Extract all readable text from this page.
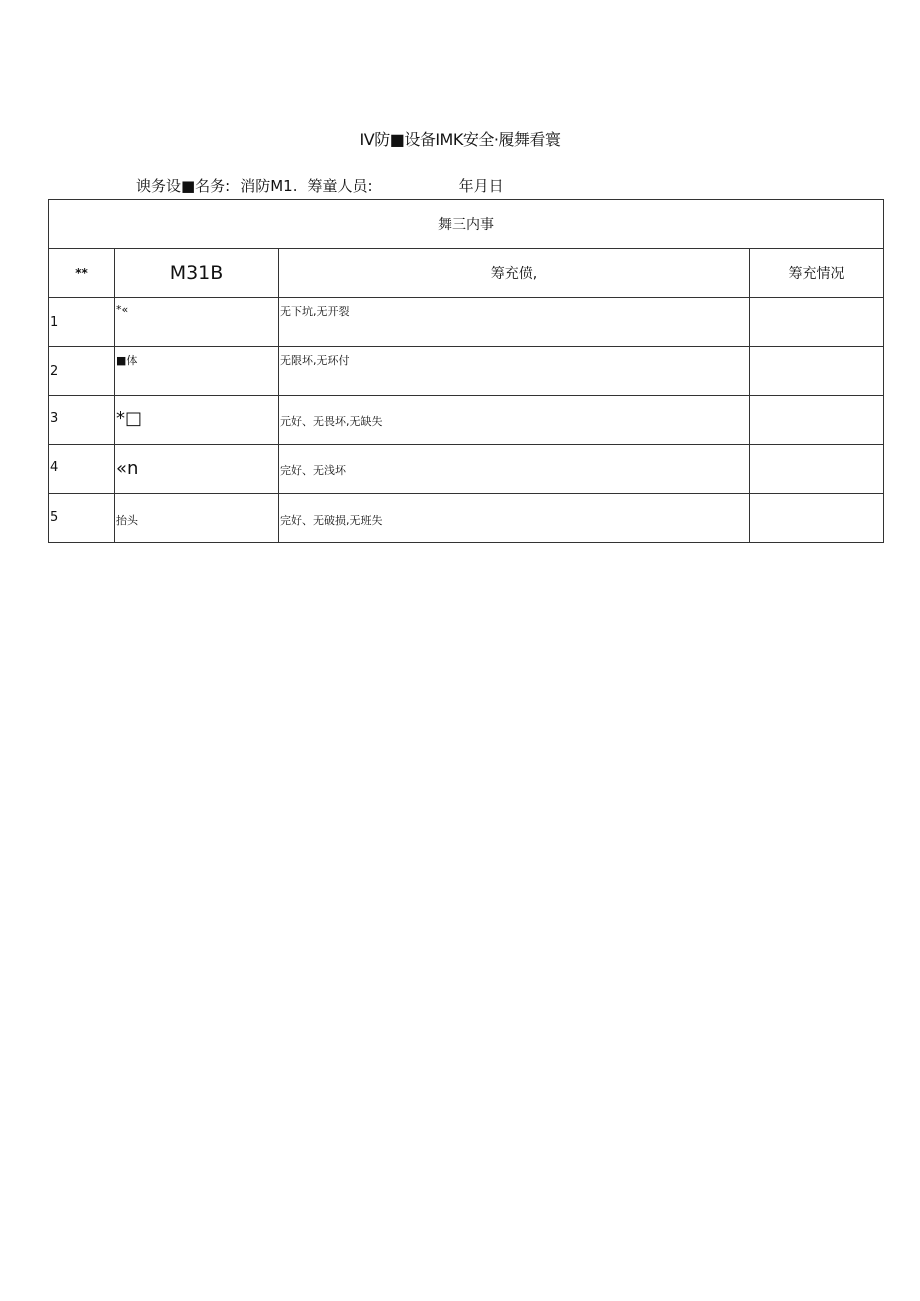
IV防■设备IMK安全·履舞看寰
谀务设■名务: 消防M1. 筹童人员:	年月日
舞三内事			
**	M31B	筹充偾,	筹充情况

1	*«	无下坑,无开裂	

2	■体	无限坏,无环付	

3	*□	元好、无畏坏,无缺失	

4	«n	完好、无浅坏	

5	抬头	完好、无破损,无班失	
